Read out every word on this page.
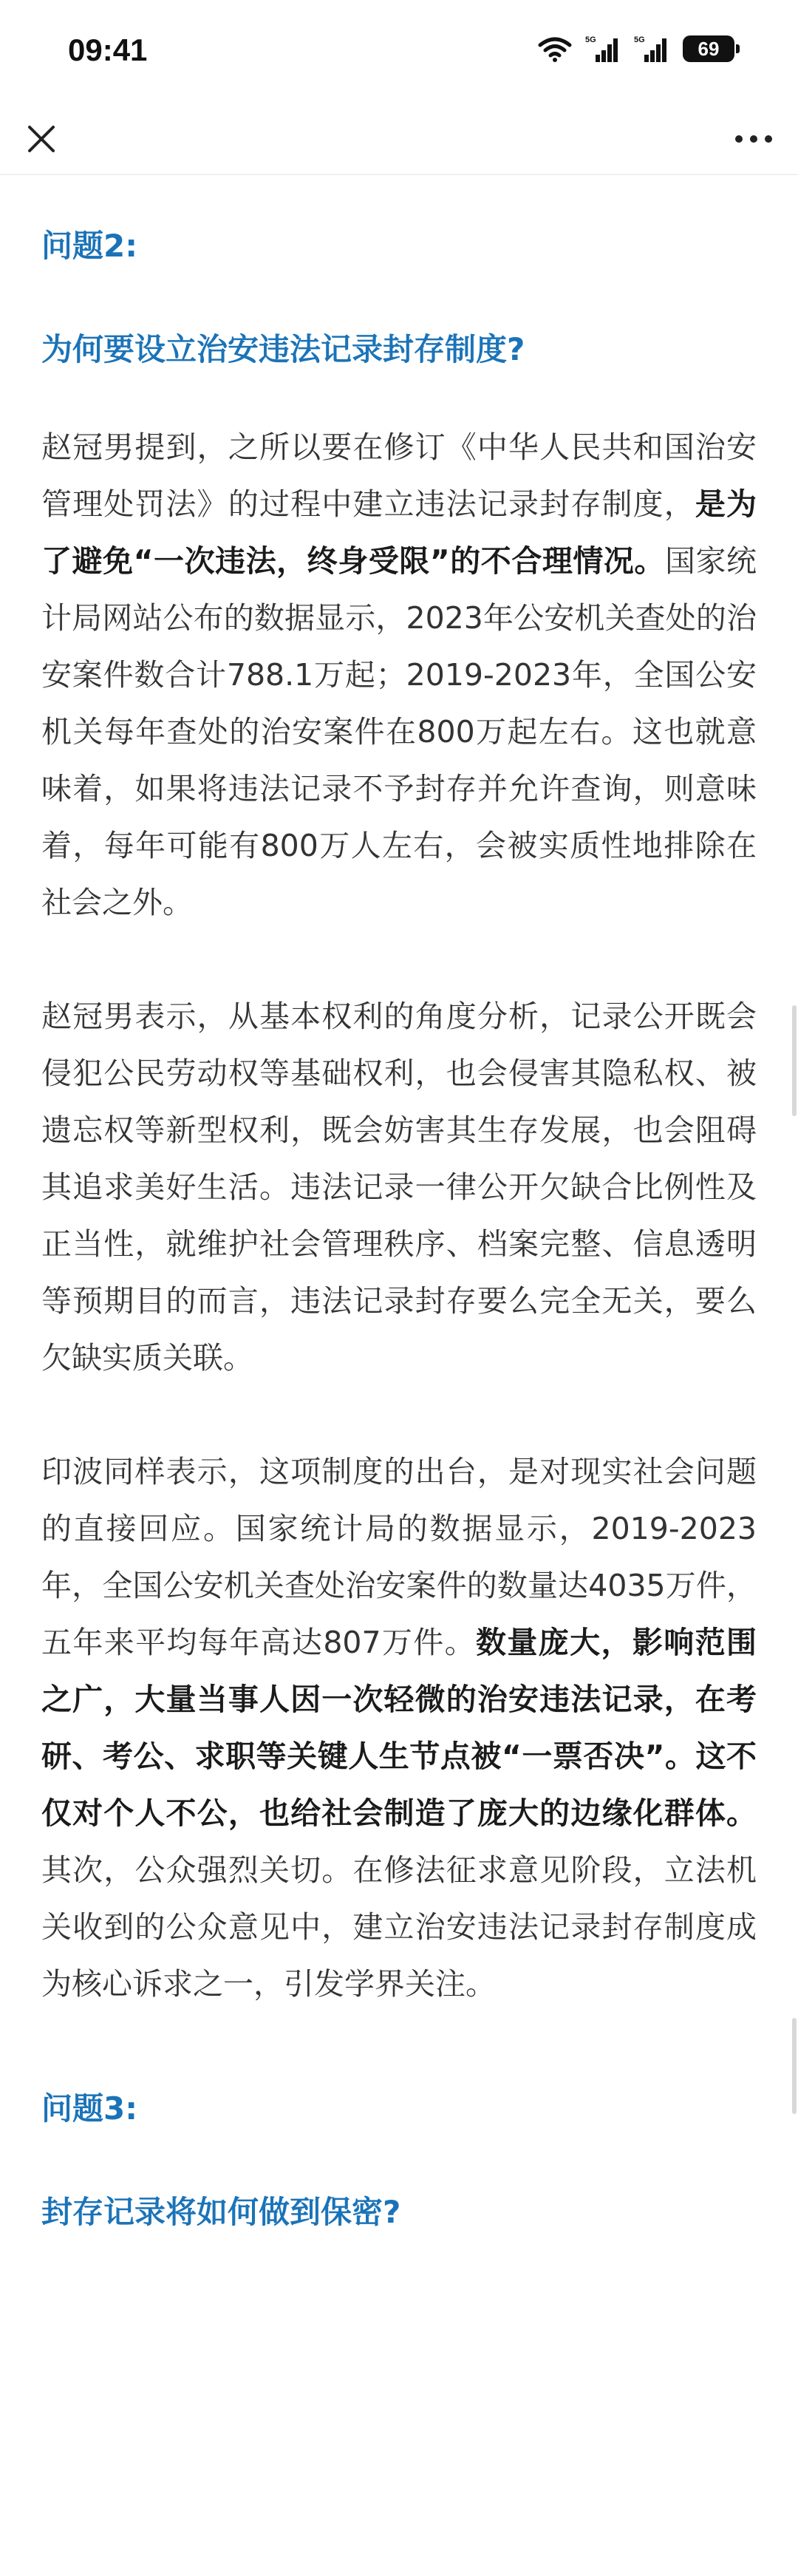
09:41	5G	5G	69
问题2:
为何要设立治安违法记录封存制度?

赵冠男提到，之所以要在修订《中华人民共和国治安管理处罚法》的过程中建立违法记录封存制度，是为了避免“一次违法，终身受限”的不合理情况。国家统计局网站公布的数据显示，2023年公安机关查处的治安案件数合计788.1万起；2019-2023年，全国公安机关每年查处的治安案件在800万起左右。这也就意味着，如果将违法记录不予封存并允许查询，则意味着，每年可能有800万人左右，会被实质性地排除在社会之外。

赵冠男表示，从基本权利的角度分析，记录公开既会侵犯公民劳动权等基础权利，也会侵害其隐私权、被遗忘权等新型权利，既会妨害其生存发展，也会阻碍其追求美好生活。违法记录一律公开欠缺合比例性及正当性，就维护社会管理秩序、档案完整、信息透明等预期目的而言，违法记录封存要么完全无关，要么欠缺实质关联。

印波同样表示，这项制度的出台，是对现实社会问题的直接回应。国家统计局的数据显示，2019-2023年，全国公安机关查处治安案件的数量达4035万件，五年来平均每年高达807万件。数量庞大，影响范围之广，大量当事人因一次轻微的治安违法记录，在考研、考公、求职等关键人生节点被“一票否决”。这不仅对个人不公，也给社会制造了庞大的边缘化群体。其次，公众强烈关切。在修法征求意见阶段，立法机关收到的公众意见中，建立治安违法记录封存制度成为核心诉求之一，引发学界关注。

问题3:
封存记录将如何做到保密?
